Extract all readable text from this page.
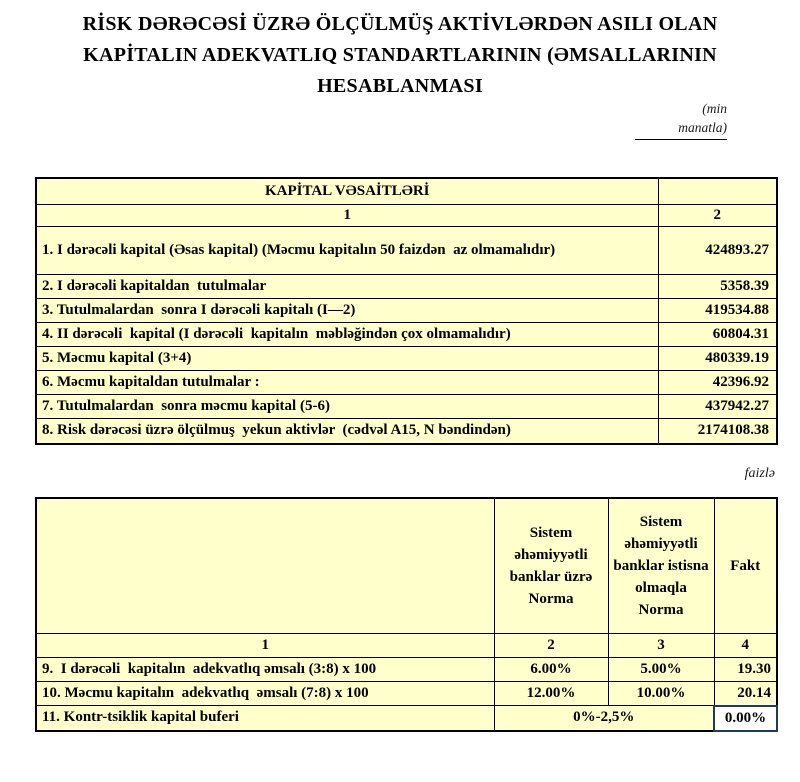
RİSK DƏRƏCƏSİ ÜZRƏ ÖLÇÜLMÜŞ AKTİVLƏRDƏN ASILI OLAN
KAPİTALIN ADEKVATLIQ STANDARTLARININ (ƏMSALLARININ
HESABLANMASI
(min
manatla)
KAPİTAL VƏSAİTLƏRİ	
1	2
1. I dərəcəli kapital (Əsas kapital) (Məcmu kapitalın 50 faizdən  az olmamalıdır)	424893.27
2. I dərəcəli kapitaldan  tutulmalar	5358.39
3. Tutulmalardan  sonra I dərəcəli kapitalı (I—2)	419534.88
4. II dərəcəli  kapital (I dərəcəli  kapitalın  məbləğindən çox olmamalıdır)	60804.31
5. Məcmu kapital (3+4)	480339.19
6. Məcmu kapitaldan tutulmalar :	42396.92
7. Tutulmalardan  sonra məcmu kapital (5-6)	437942.27
8. Risk dərəcəsi üzrə ölçülmuş  yekun aktivlər  (cədvəl A15, N bəndindən)	2174108.38
faizlə
	Sistem əhəmiyyətli banklar üzrə Norma	Sistem əhəmiyyətli banklar istisna olmaqla Norma	Fakt
1	2	3	4
9.  I dərəcəli  kapitalın  adekvatlıq əmsalı (3:8) x 100	6.00%	5.00%	19.30
10. Məcmu kapitalın  adekvatlıq  əmsalı (7:8) x 100	12.00%	10.00%	20.14
11. Kontr-tsiklik kapital buferi	0%-2,5%		0.00%
